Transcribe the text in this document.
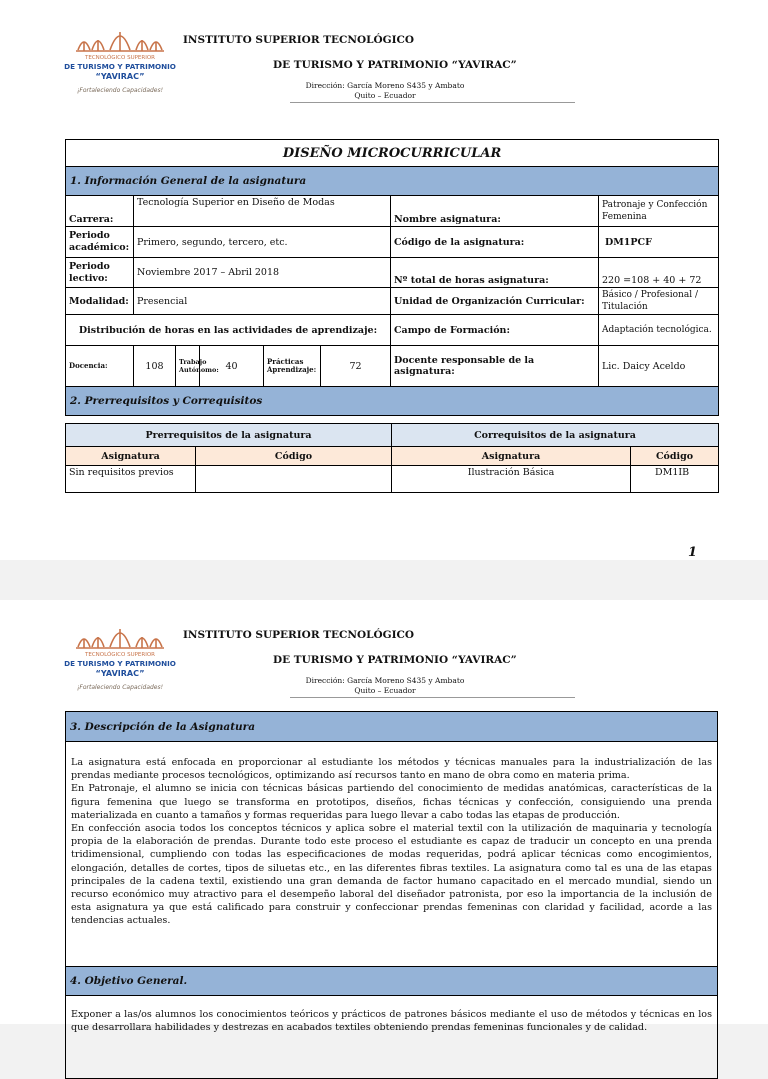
TECNOLÓGICO SUPERIOR
DE TURISMO Y PATRIMONIO
“YAVIRAC”
¡Fortaleciendo Capacidades!
INSTITUTO SUPERIOR TECNOLÓGICO
DE TURISMO Y PATRIMONIO “YAVIRAC”
Dirección: García Moreno S435 y Ambato
Quito – Ecuador
DISEÑO MICROCURRICULAR							
1. Información General de la asignatura							
Carrera:	Tecnología Superior en Diseño de Modas					Nombre asignatura:	Patronaje y Confección Femenina
Periodo académico:	Primero, segundo, tercero, etc.					Código de la asignatura:	DM1PCF
Periodo lectivo:	Noviembre 2017 – Abril 2018					Nº total de horas asignatura:	220 =108 + 40 + 72
Modalidad:	Presencial					Unidad de Organización Curricular:	Básico / Profesional / Titulación
Distribución de horas en las actividades de aprendizaje:						Campo de Formación:	Adaptación tecnológica.
Docencia:	108	Trabajo Autónomo:	40	Prácticas Aprendizaje:	72	Docente responsable de la asignatura:	Lic. Daicy Aceldo
2. Prerrequisitos y Correquisitos							
Prerrequisitos de la asignatura		Correquisitos de la asignatura	
Asignatura	Código	Asignatura	Código
Sin requisitos previos		Ilustración Básica	DM1IB
1
TECNOLÓGICO SUPERIOR
DE TURISMO Y PATRIMONIO
“YAVIRAC”
¡Fortaleciendo Capacidades!
INSTITUTO SUPERIOR TECNOLÓGICO
DE TURISMO Y PATRIMONIO “YAVIRAC”
Dirección: García Moreno S435 y Ambato
Quito – Ecuador
3. Descripción de la Asignatura

La asignatura está enfocada en proporcionar al estudiante los métodos y técnicas manuales para la industrialización de las prendas mediante procesos tecnológicos, optimizando así recursos tanto en mano de obra como en materia prima.

En Patronaje, el alumno se inicia con técnicas básicas partiendo del conocimiento de medidas anatómicas, características de la figura femenina que luego se transforma en prototipos, diseños, fichas técnicas y confección, consiguiendo una prenda materializada en cuanto a tamaños y formas requeridas para luego llevar a cabo todas las etapas de producción.

En confección asocia todos los conceptos técnicos y aplica sobre el material textil con la utilización de maquinaria y tecnología propia de la elaboración de prendas. Durante todo este proceso el estudiante es capaz de traducir un concepto en una prenda tridimensional, cumpliendo con todas las especificaciones de modas requeridas, podrá aplicar técnicas como encogimientos, elongación, detalles de cortes, tipos de siluetas etc., en las diferentes fibras textiles. La asignatura como tal es una de las etapas principales de la cadena textil, existiendo una gran demanda de factor humano capacitado en el mercado mundial, siendo un recurso económico muy atractivo para el desempeño laboral del diseñador patronista, por eso la importancia de la inclusión de esta asignatura ya que está calificado para construir y confeccionar prendas femeninas con claridad y facilidad, acorde a las tendencias actuales.

4. Objetivo General.

Exponer a las/os alumnos los conocimientos teóricos y prácticos de patrones básicos mediante el uso de métodos y técnicas en los que desarrollara habilidades y destrezas en acabados textiles obteniendo prendas femeninas funcionales y de calidad.
